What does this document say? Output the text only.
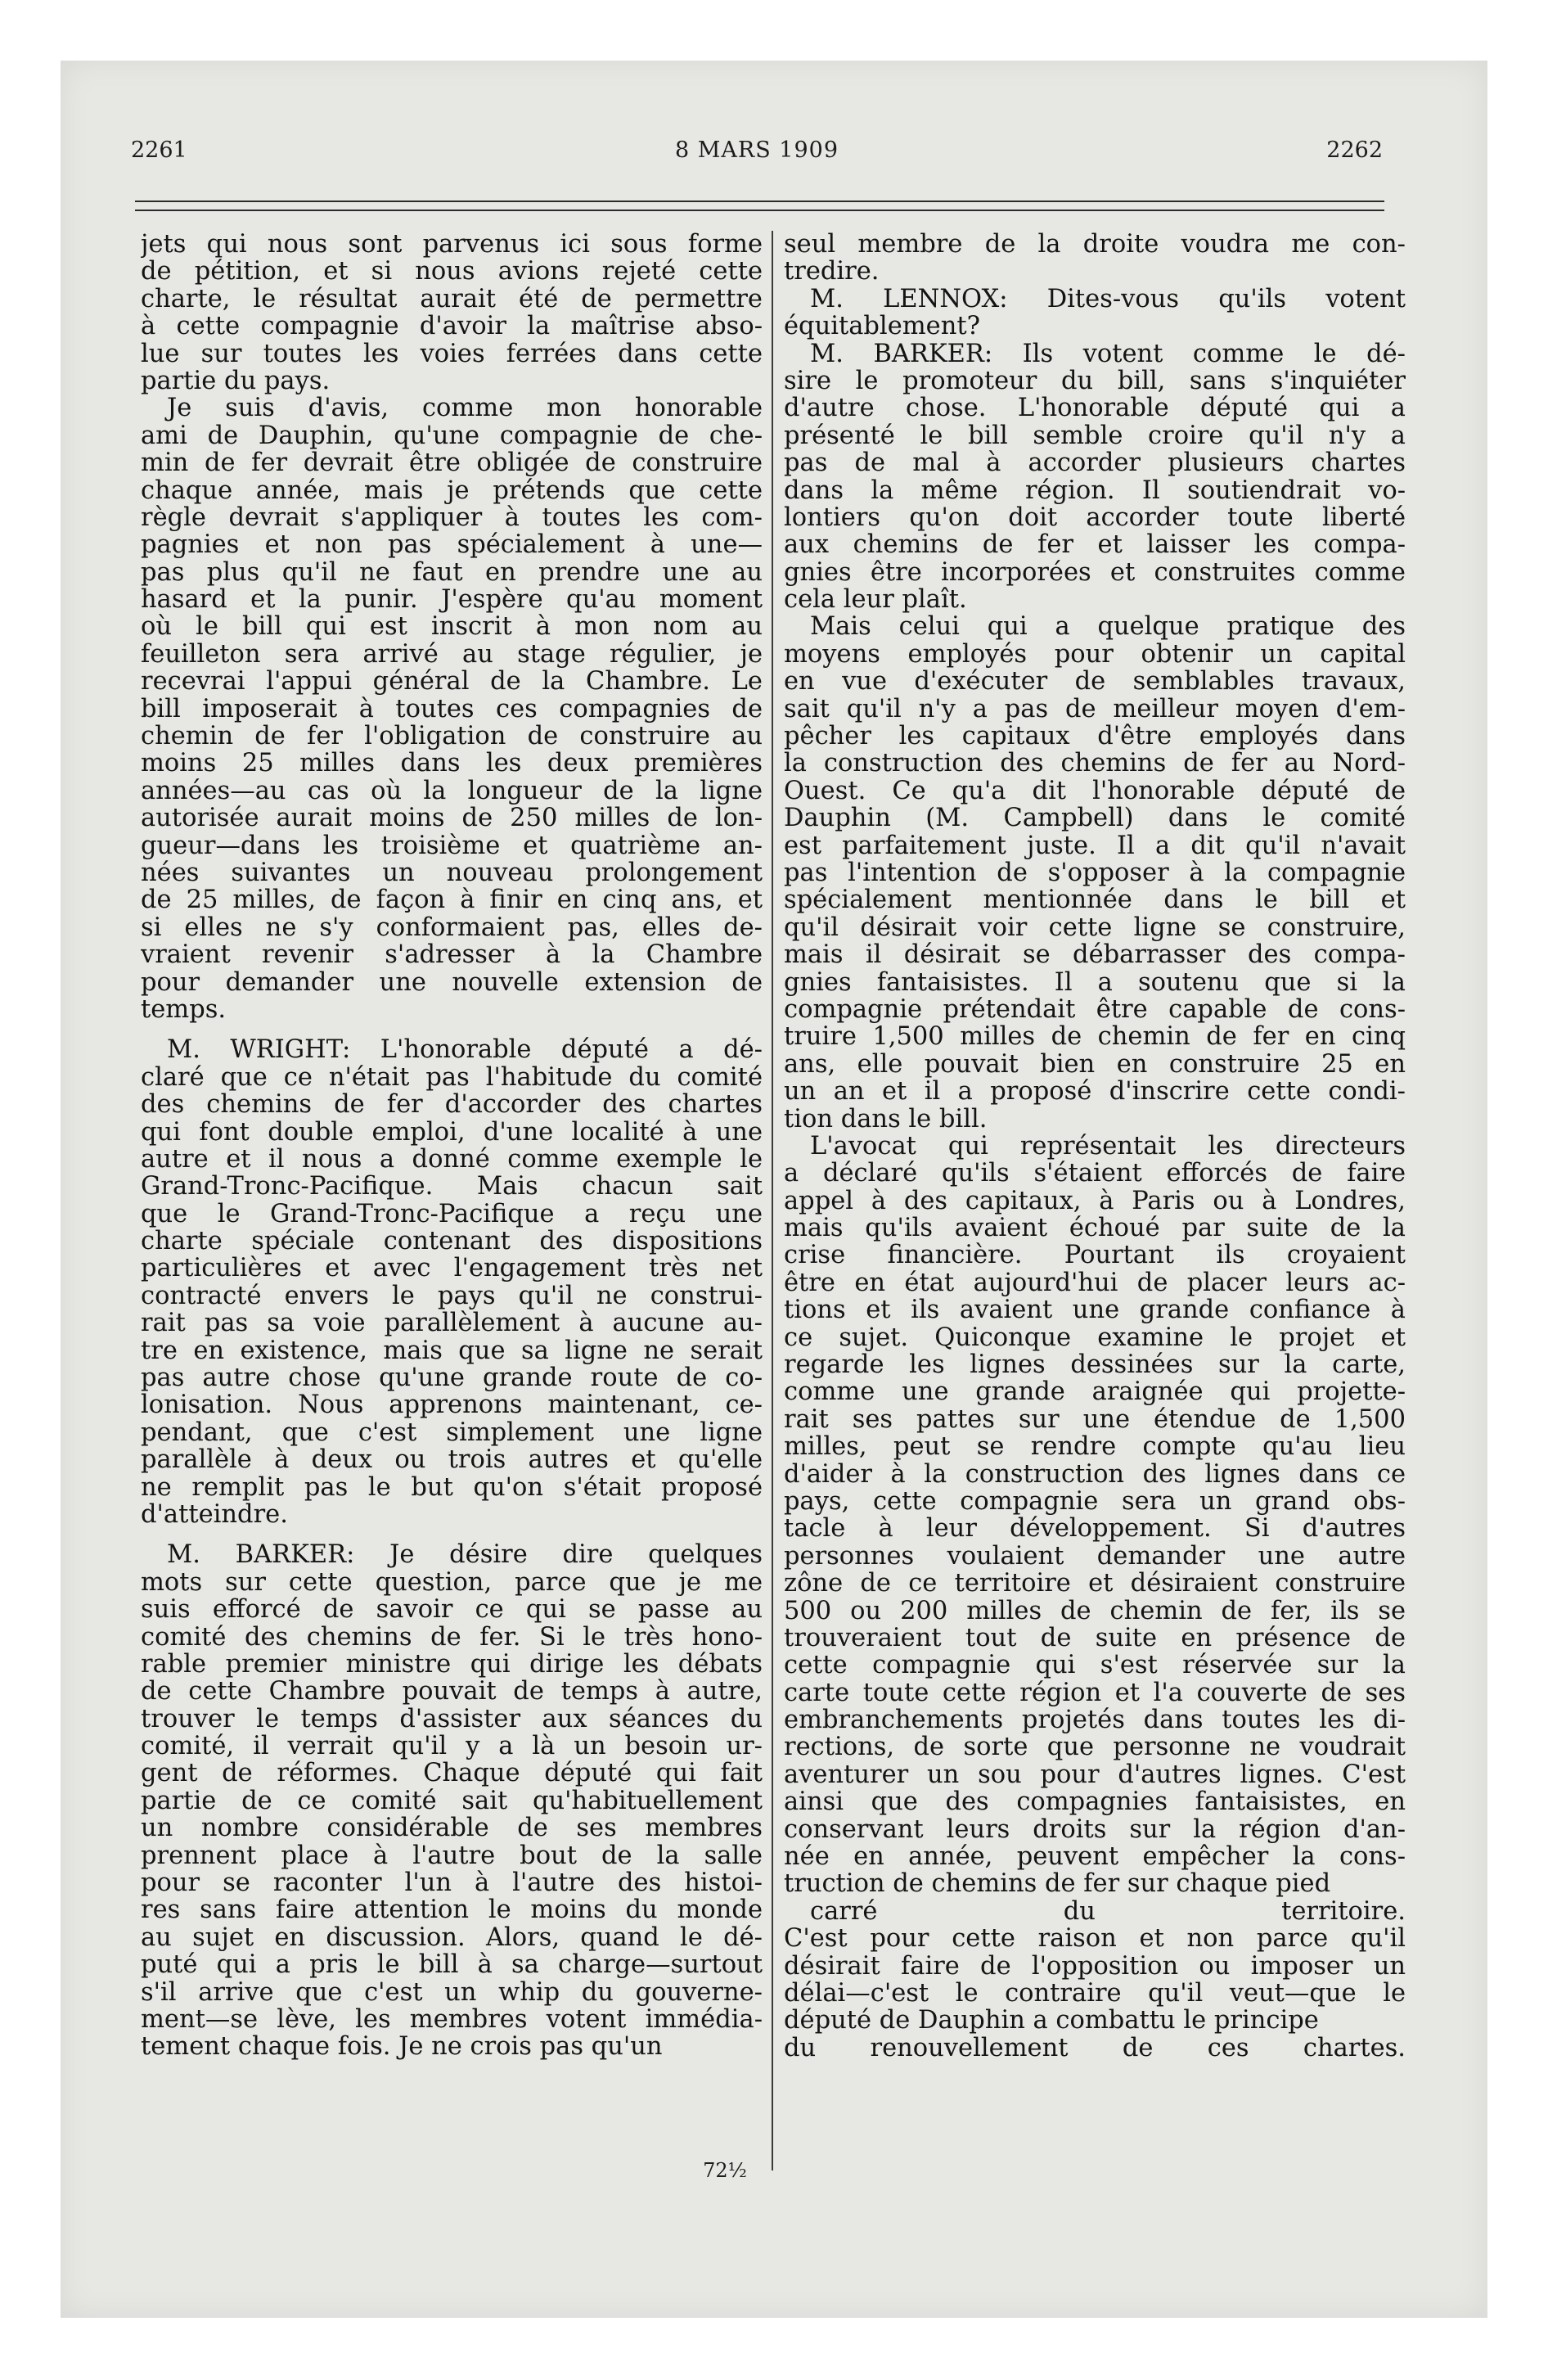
2261	8 MARS 1909	2262
jets qui nous sont parvenus ici sous forme
de pétition, et si nous avions rejeté cette
charte, le résultat aurait été de permettre
à cette compagnie d'avoir la maîtrise abso-
lue sur toutes les voies ferrées dans cette
partie du pays.
Je suis d'avis, comme mon honorable
ami de Dauphin, qu'une compagnie de che-
min de fer devrait être obligée de construire
chaque année, mais je prétends que cette
règle devrait s'appliquer à toutes les com-
pagnies et non pas spécialement à une—
pas plus qu'il ne faut en prendre une au
hasard et la punir. J'espère qu'au moment
où le bill qui est inscrit à mon nom au
feuilleton sera arrivé au stage régulier, je
recevrai l'appui général de la Chambre. Le
bill imposerait à toutes ces compagnies de
chemin de fer l'obligation de construire au
moins 25 milles dans les deux premières
années—au cas où la longueur de la ligne
autorisée aurait moins de 250 milles de lon-
gueur—dans les troisième et quatrième an-
nées suivantes un nouveau prolongement
de 25 milles, de façon à finir en cinq ans, et
si elles ne s'y conformaient pas, elles de-
vraient revenir s'adresser à la Chambre
pour demander une nouvelle extension de
temps.
M. WRIGHT: L'honorable député a dé-
claré que ce n'était pas l'habitude du comité
des chemins de fer d'accorder des chartes
qui font double emploi, d'une localité à une
autre et il nous a donné comme exemple le
Grand-Tronc-Pacifique. Mais chacun sait
que le Grand-Tronc-Pacifique a reçu une
charte spéciale contenant des dispositions
particulières et avec l'engagement très net
contracté envers le pays qu'il ne construi-
rait pas sa voie parallèlement à aucune au-
tre en existence, mais que sa ligne ne serait
pas autre chose qu'une grande route de co-
lonisation. Nous apprenons maintenant, ce-
pendant, que c'est simplement une ligne
parallèle à deux ou trois autres et qu'elle
ne remplit pas le but qu'on s'était proposé
d'atteindre.
M. BARKER: Je désire dire quelques
mots sur cette question, parce que je me
suis efforcé de savoir ce qui se passe au
comité des chemins de fer. Si le très hono-
rable premier ministre qui dirige les débats
de cette Chambre pouvait de temps à autre,
trouver le temps d'assister aux séances du
comité, il verrait qu'il y a là un besoin ur-
gent de réformes. Chaque député qui fait
partie de ce comité sait qu'habituellement
un nombre considérable de ses membres
prennent place à l'autre bout de la salle
pour se raconter l'un à l'autre des histoi-
res sans faire attention le moins du monde
au sujet en discussion. Alors, quand le dé-
puté qui a pris le bill à sa charge—surtout
s'il arrive que c'est un whip du gouverne-
ment—se lève, les membres votent immédia-
tement chaque fois. Je ne crois pas qu'un
seul membre de la droite voudra me con-
tredire.
M. LENNOX: Dites-vous qu'ils votent
équitablement?
M. BARKER: Ils votent comme le dé-
sire le promoteur du bill, sans s'inquiéter
d'autre chose. L'honorable député qui a
présenté le bill semble croire qu'il n'y a
pas de mal à accorder plusieurs chartes
dans la même région. Il soutiendrait vo-
lontiers qu'on doit accorder toute liberté
aux chemins de fer et laisser les compa-
gnies être incorporées et construites comme
cela leur plaît.
Mais celui qui a quelque pratique des
moyens employés pour obtenir un capital
en vue d'exécuter de semblables travaux,
sait qu'il n'y a pas de meilleur moyen d'em-
pêcher les capitaux d'être employés dans
la construction des chemins de fer au Nord-
Ouest. Ce qu'a dit l'honorable député de
Dauphin (M. Campbell) dans le comité
est parfaitement juste. Il a dit qu'il n'avait
pas l'intention de s'opposer à la compagnie
spécialement mentionnée dans le bill et
qu'il désirait voir cette ligne se construire,
mais il désirait se débarrasser des compa-
gnies fantaisistes. Il a soutenu que si la
compagnie prétendait être capable de cons-
truire 1,500 milles de chemin de fer en cinq
ans, elle pouvait bien en construire 25 en
un an et il a proposé d'inscrire cette condi-
tion dans le bill.
L'avocat qui représentait les directeurs
a déclaré qu'ils s'étaient efforcés de faire
appel à des capitaux, à Paris ou à Londres,
mais qu'ils avaient échoué par suite de la
crise financière. Pourtant ils croyaient
être en état aujourd'hui de placer leurs ac-
tions et ils avaient une grande confiance à
ce sujet. Quiconque examine le projet et
regarde les lignes dessinées sur la carte,
comme une grande araignée qui projette-
rait ses pattes sur une étendue de 1,500
milles, peut se rendre compte qu'au lieu
d'aider à la construction des lignes dans ce
pays, cette compagnie sera un grand obs-
tacle à leur développement. Si d'autres
personnes voulaient demander une autre
zône de ce territoire et désiraient construire
500 ou 200 milles de chemin de fer, ils se
trouveraient tout de suite en présence de
cette compagnie qui s'est réservée sur la
carte toute cette région et l'a couverte de ses
embranchements projetés dans toutes les di-
rections, de sorte que personne ne voudrait
aventurer un sou pour d'autres lignes. C'est
ainsi que des compagnies fantaisistes, en
conservant leurs droits sur la région d'an-
née en année, peuvent empêcher la cons-
truction de chemins de fer sur chaque pied
carré du territoire.
C'est pour cette raison et non parce qu'il
désirait faire de l'opposition ou imposer un
délai—c'est le contraire qu'il veut—que le
député de Dauphin a combattu le principe
du renouvellement de ces chartes.
72½
